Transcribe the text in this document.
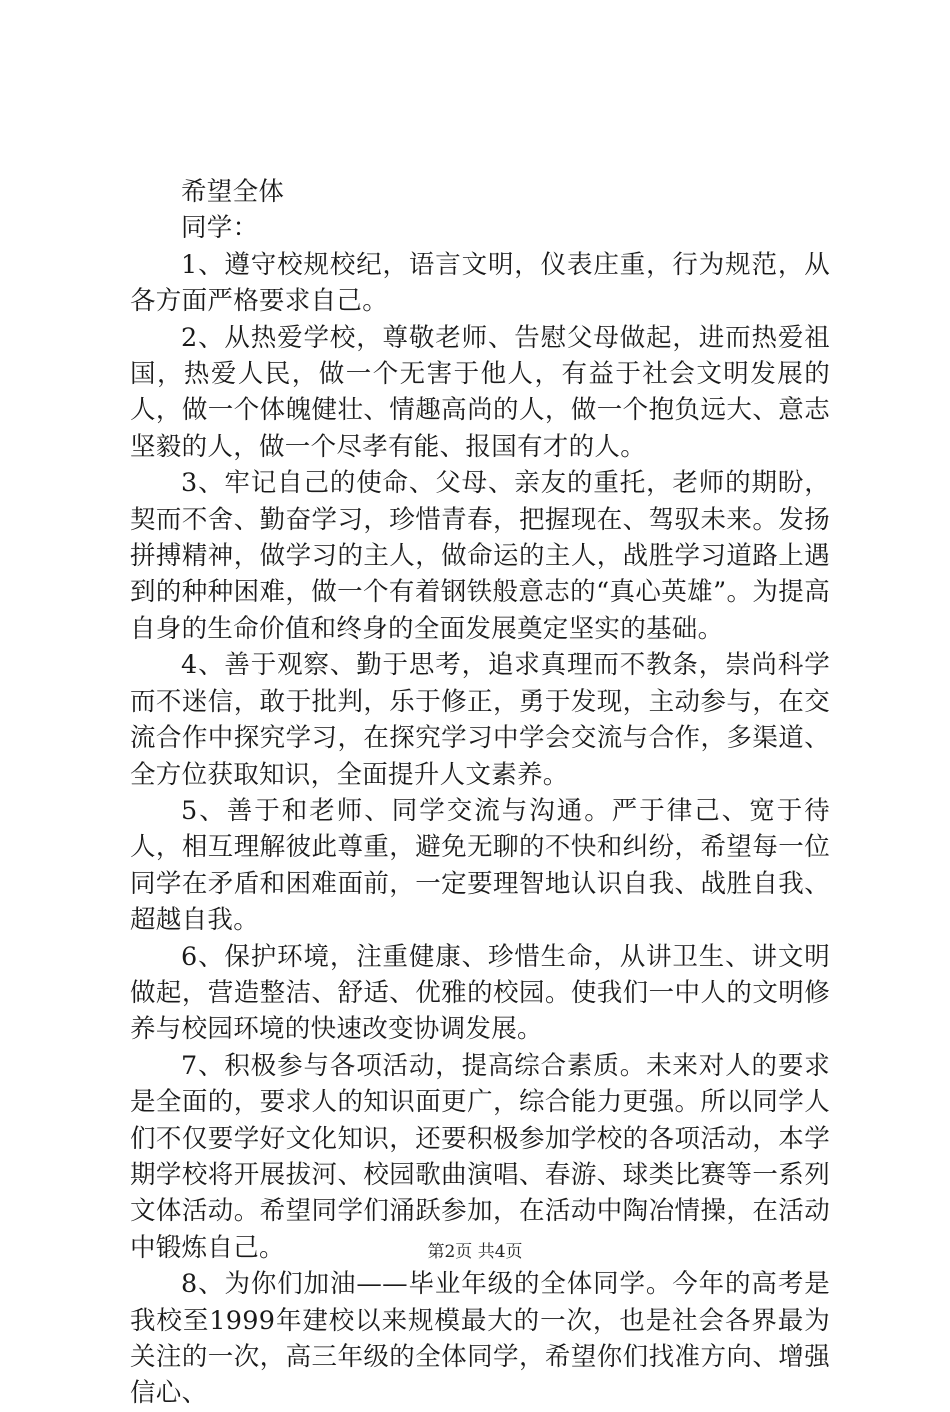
希望全体

同学：

1、遵守校规校纪，语言文明，仪表庄重，行为规范，从各方面严格要求自己。

2、从热爱学校，尊敬老师、告慰父母做起，进而热爱祖国，热爱人民，做一个无害于他人，有益于社会文明发展的人，做一个体魄健壮、情趣高尚的人，做一个抱负远大、意志坚毅的人，做一个尽孝有能、报国有才的人。

3、牢记自己的使命、父母、亲友的重托，老师的期盼，契而不舍、勤奋学习，珍惜青春，把握现在、驾驭未来。发扬拼搏精神，做学习的主人，做命运的主人，战胜学习道路上遇到的种种困难，做一个有着钢铁般意志的“真心英雄”。为提高自身的生命价值和终身的全面发展奠定坚实的基础。

4、善于观察、勤于思考，追求真理而不教条，崇尚科学而不迷信，敢于批判，乐于修正，勇于发现，主动参与，在交流合作中探究学习，在探究学习中学会交流与合作，多渠道、全方位获取知识，全面提升人文素养。

5、善于和老师、同学交流与沟通。严于律己、宽于待人，相互理解彼此尊重，避免无聊的不快和纠纷，希望每一位同学在矛盾和困难面前，一定要理智地认识自我、战胜自我、超越自我。

6、保护环境，注重健康、珍惜生命，从讲卫生、讲文明做起，营造整洁、舒适、优雅的校园。使我们一中人的文明修养与校园环境的快速改变协调发展。

7、积极参与各项活动，提高综合素质。未来对人的要求是全面的，要求人的知识面更广，综合能力更强。所以同学人们不仅要学好文化知识，还要积极参加学校的各项活动，本学期学校将开展拔河、校园歌曲演唱、春游、球类比赛等一系列文体活动。希望同学们涌跃参加，在活动中陶冶情操，在活动中锻炼自己。

8、为你们加油——毕业年级的全体同学。今年的高考是我校至1999年建校以来规模最大的一次，也是社会各界最为关注的一次，高三年级的全体同学，希望你们找准方向、增强信心、

第2页 共4页
